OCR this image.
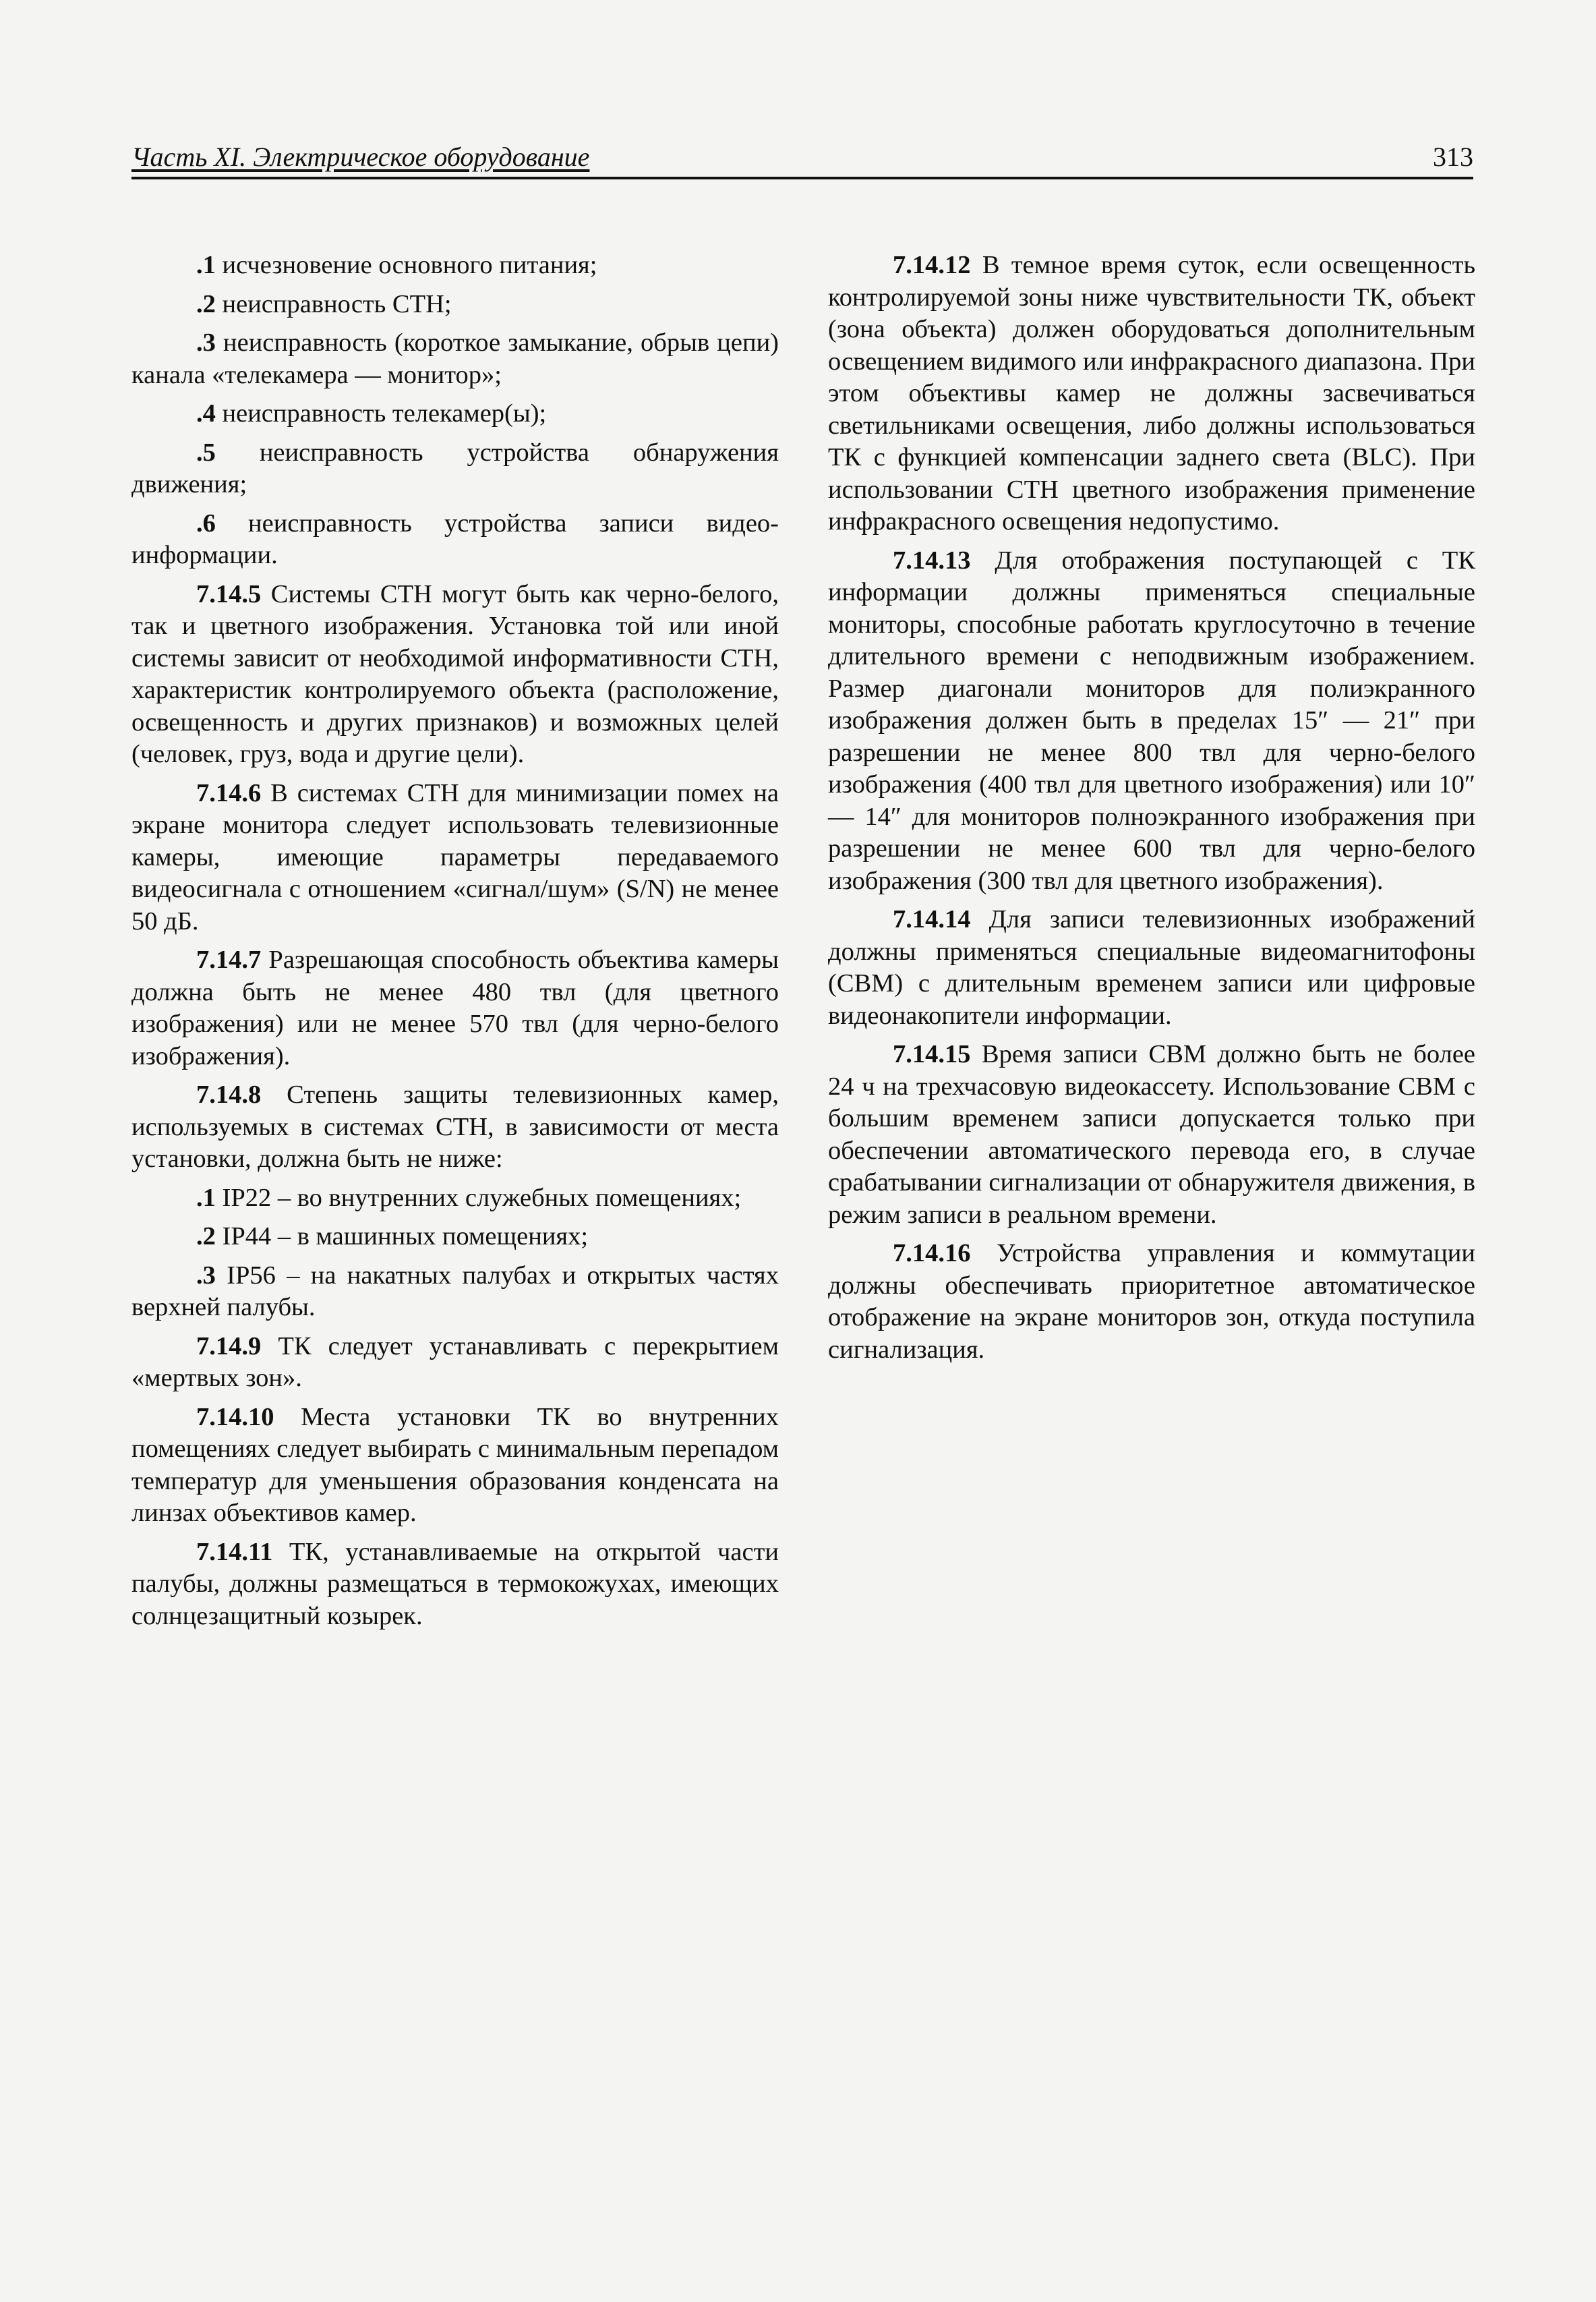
Часть XI. Электрическое оборудование	313

.1 исчезновение основного питания;

.2 неисправность СТН;

.3 неисправность (короткое замыкание, обрыв цепи) канала «телекамера — монитор»;

.4 неисправность телекамер(ы);

.5 неисправность устройства обнаружения движения;

.6 неисправность устройства записи видеоинформации.

7.14.5 Системы СТН могут быть как черно-белого, так и цветного изображения. Установка той или иной системы зависит от необходимой информативности СТН, характеристик контролируемого объекта (расположение, освещенность и других признаков) и возможных целей (человек, груз, вода и другие цели).

7.14.6 В системах СТН для минимизации помех на экране монитора следует использовать телевизионные камеры, имеющие параметры передаваемого видеосигнала с отношением «сигнал/шум» (S/N) не менее 50 дБ.

7.14.7 Разрешающая способность объектива камеры должна быть не менее 480 твл (для цветного изображения) или не менее 570 твл (для черно-белого изображения).

7.14.8 Степень защиты телевизионных камер, используемых в системах СТН, в зависимости от места установки, должна быть не ниже:

.1 IP22 – во внутренних служебных помещениях;

.2 IP44 – в машинных помещениях;

.3 IP56 – на накатных палубах и открытых частях верхней палубы.

7.14.9 ТК следует устанавливать с перекрытием «мертвых зон».

7.14.10 Места установки ТК во внутренних помещениях следует выбирать с минимальным перепадом температур для уменьшения образования конденсата на линзах объективов камер.

7.14.11 ТК, устанавливаемые на открытой части палубы, должны размещаться в термокожухах, имеющих солнцезащитный козырек.

7.14.12 В темное время суток, если освещенность контролируемой зоны ниже чувствительности ТК, объект (зона объекта) должен оборудоваться дополнительным освещением видимого или инфракрасного диапазона. При этом объективы камер не должны засвечиваться светильниками освещения, либо должны использоваться ТК с функцией компенсации заднего света (BLC). При использовании СТН цветного изображения применение инфракрасного освещения недопустимо.

7.14.13 Для отображения поступающей с ТК информации должны применяться специальные мониторы, способные работать круглосуточно в течение длительного времени с неподвижным изображением. Размер диагонали мониторов для полиэкранного изображения должен быть в пределах 15″ — 21″ при разрешении не менее 800 твл для черно-белого изображения (400 твл для цветного изображения) или 10″ — 14″ для мониторов полноэкранного изображения при разрешении не менее 600 твл для черно-белого изображения (300 твл для цветного изображения).

7.14.14 Для записи телевизионных изображений должны применяться специальные видеомагнитофоны (СВМ) с длительным временем записи или цифровые видеонакопители информации.

7.14.15 Время записи СВМ должно быть не более 24 ч на трехчасовую видеокассету. Использование СВМ с большим временем записи допускается только при обеспечении автоматического перевода его, в случае срабатывании сигнализации от обнаружителя движения, в режим записи в реальном времени.

7.14.16 Устройства управления и коммутации должны обеспечивать приоритетное автоматическое отображение на экране мониторов зон, откуда поступила сигнализация.
